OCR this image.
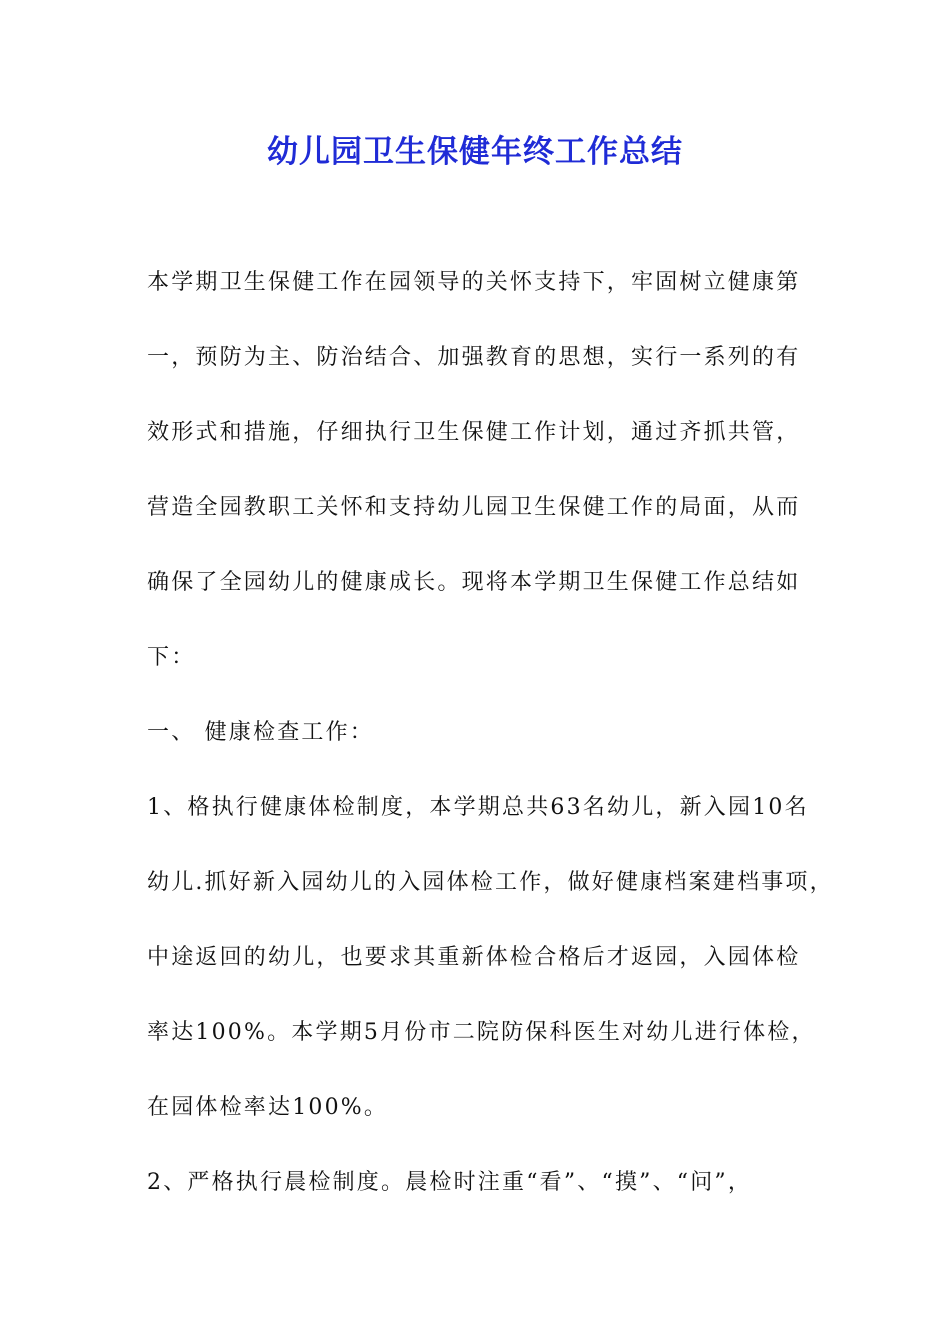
幼儿园卫生保健年终工作总结
本学期卫生保健工作在园领导的关怀支持下，牢固树立健康第
一，预防为主、防治结合、加强教育的思想，实行一系列的有
效形式和措施，仔细执行卫生保健工作计划，通过齐抓共管，
营造全园教职工关怀和支持幼儿园卫生保健工作的局面，从而
确保了全园幼儿的健康成长。现将本学期卫生保健工作总结如
下：
一、 健康检查工作：
1、格执行健康体检制度，本学期总共63名幼儿，新入园10名
幼儿.抓好新入园幼儿的入园体检工作，做好健康档案建档事项，
中途返回的幼儿，也要求其重新体检合格后才返园，入园体检
率达100%。本学期5月份市二院防保科医生对幼儿进行体检，
在园体检率达100%。
2、严格执行晨检制度。晨检时注重“看”、“摸”、“问”，
